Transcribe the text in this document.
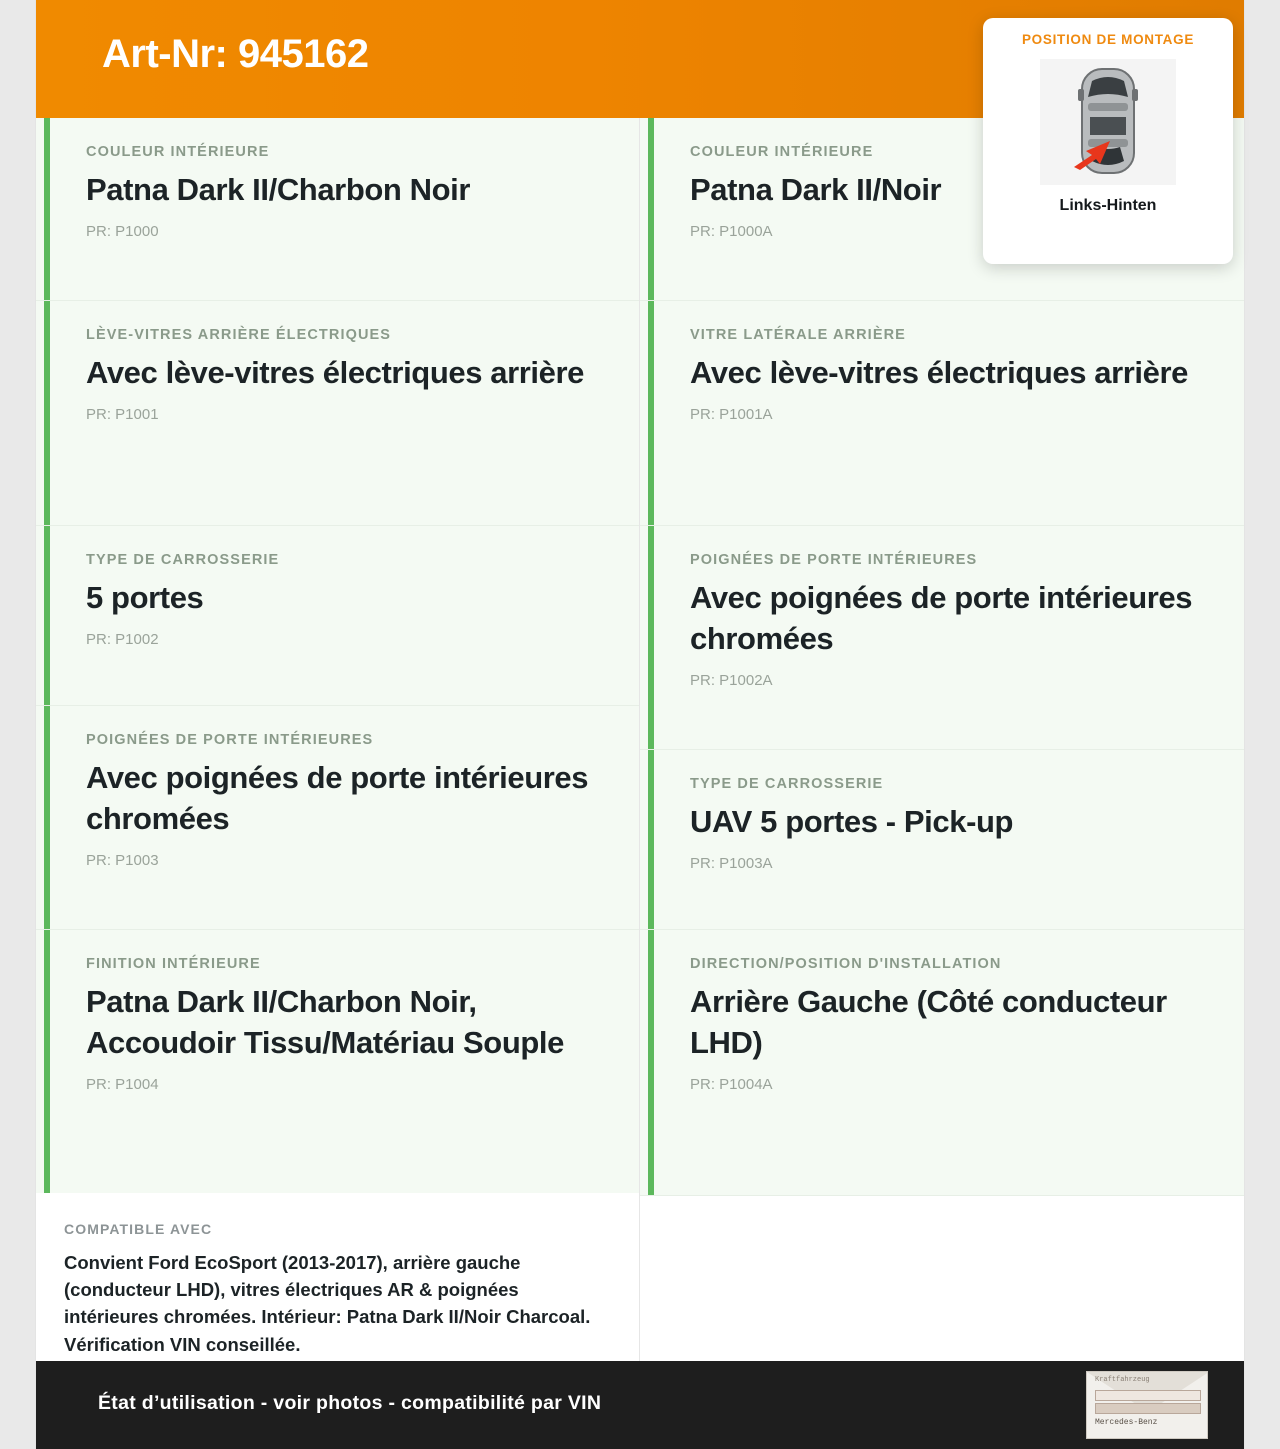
Art-Nr: 945162
COULEUR INTÉRIEURE
Patna Dark II/Charbon Noir
PR: P1000
LÈVE-VITRES ARRIÈRE ÉLECTRIQUES
Avec lève-vitres électriques arrière
PR: P1001
TYPE DE CARROSSERIE
5 portes
PR: P1002
POIGNÉES DE PORTE INTÉRIEURES
Avec poignées de porte intérieures chromées
PR: P1003
FINITION INTÉRIEURE
Patna Dark II/Charbon Noir, Accoudoir Tissu/Matériau Souple
PR: P1004
COULEUR INTÉRIEURE
Patna Dark II/Noir
PR: P1000A
VITRE LATÉRALE ARRIÈRE
Avec lève-vitres électriques arrière
PR: P1001A
POIGNÉES DE PORTE INTÉRIEURES
Avec poignées de porte intérieures chromées
PR: P1002A
TYPE DE CARROSSERIE
UAV 5 portes - Pick-up
PR: P1003A
DIRECTION/POSITION D'INSTALLATION
Arrière Gauche (Côté conducteur LHD)
PR: P1004A
COMPATIBLE AVEC
Convient Ford EcoSport (2013-2017), arrière gauche (conducteur LHD), vitres électriques AR & poignées intérieures chromées. Intérieur: Patna Dark II/Noir Charcoal. Vérification VIN conseillée.
État d’utilisation - voir photos - compatibilité par VIN
Kraftfahrzeug
Mercedes-Benz
POSITION DE MONTAGE
Links-Hinten
